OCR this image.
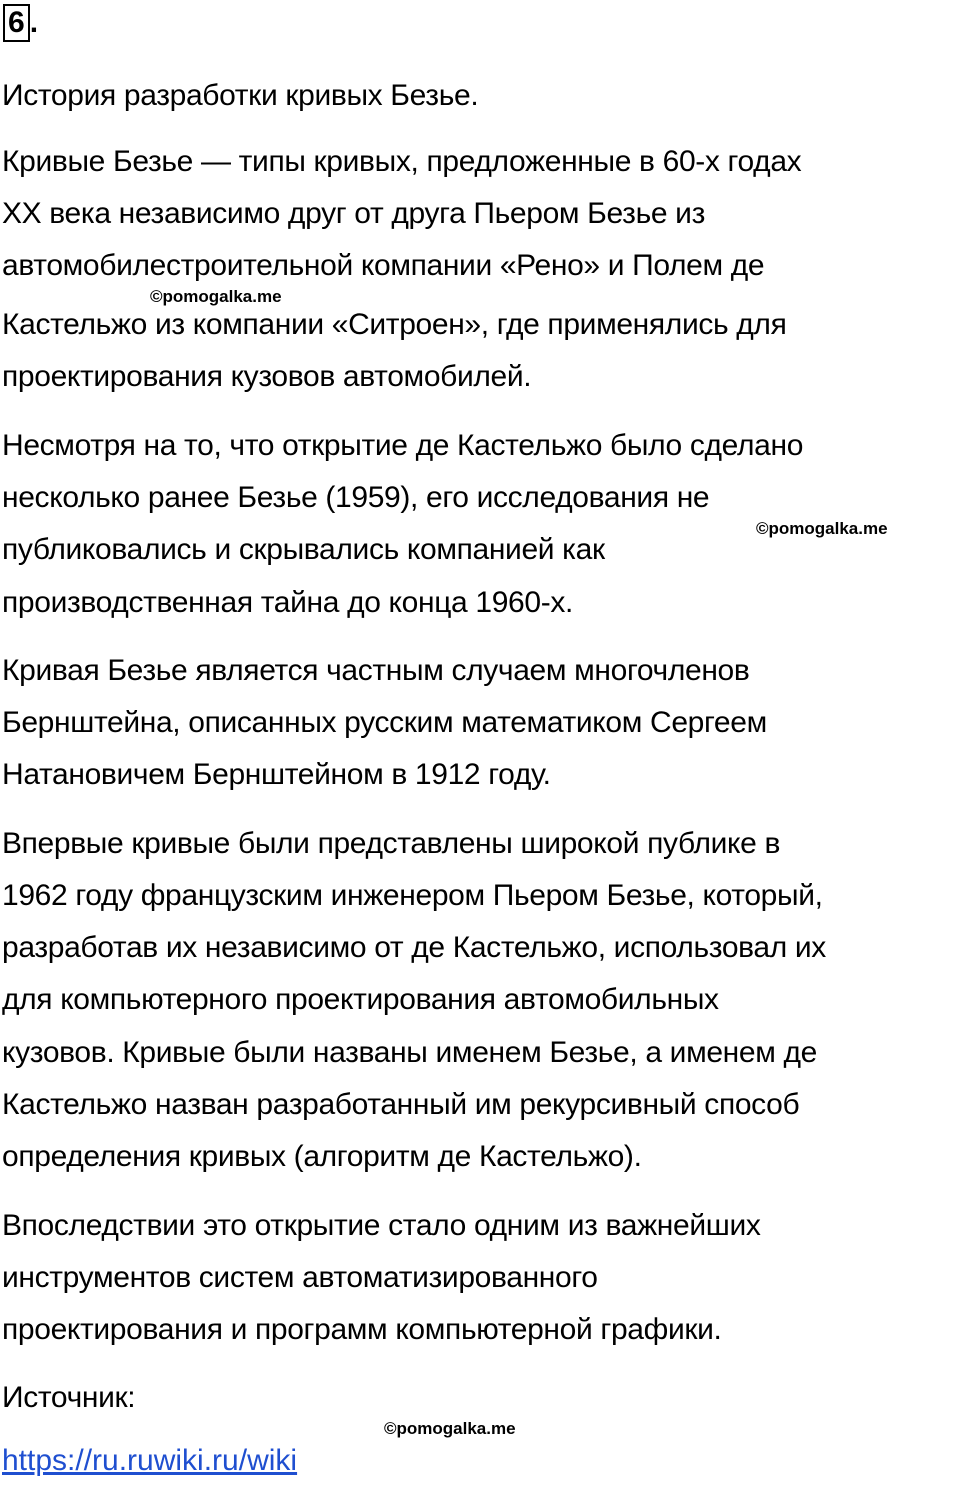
6 .
История разработки кривых Безье.
Кривые Безье — типы кривых, предложенные в 60-х годах
XX века независимо друг от друга Пьером Безье из
автомобилестроительной компании «Рено» и Полем де
Кастельжо из компании «Ситроен», где применялись для
проектирования кузовов автомобилей.
©pomogalka.me
Несмотря на то, что открытие де Кастельжо было сделано
несколько ранее Безье (1959), его исследования не
публиковались и скрывались компанией как
производственная тайна до конца 1960-х.
©pomogalka.me
Кривая Безье является частным случаем многочленов
Бернштейна, описанных русским математиком Сергеем
Натановичем Бернштейном в 1912 году.
Впервые кривые были представлены широкой публике в
1962 году французским инженером Пьером Безье, который,
разработав их независимо от де Кастельжо, использовал их
для компьютерного проектирования автомобильных
кузовов. Кривые были названы именем Безье, а именем де
Кастельжо назван разработанный им рекурсивный способ
определения кривых (алгоритм де Кастельжо).
Впоследствии это открытие стало одним из важнейших
инструментов систем автоматизированного
проектирования и программ компьютерной графики.
Источник:
©pomogalka.me
https://ru.ruwiki.ru/wiki
